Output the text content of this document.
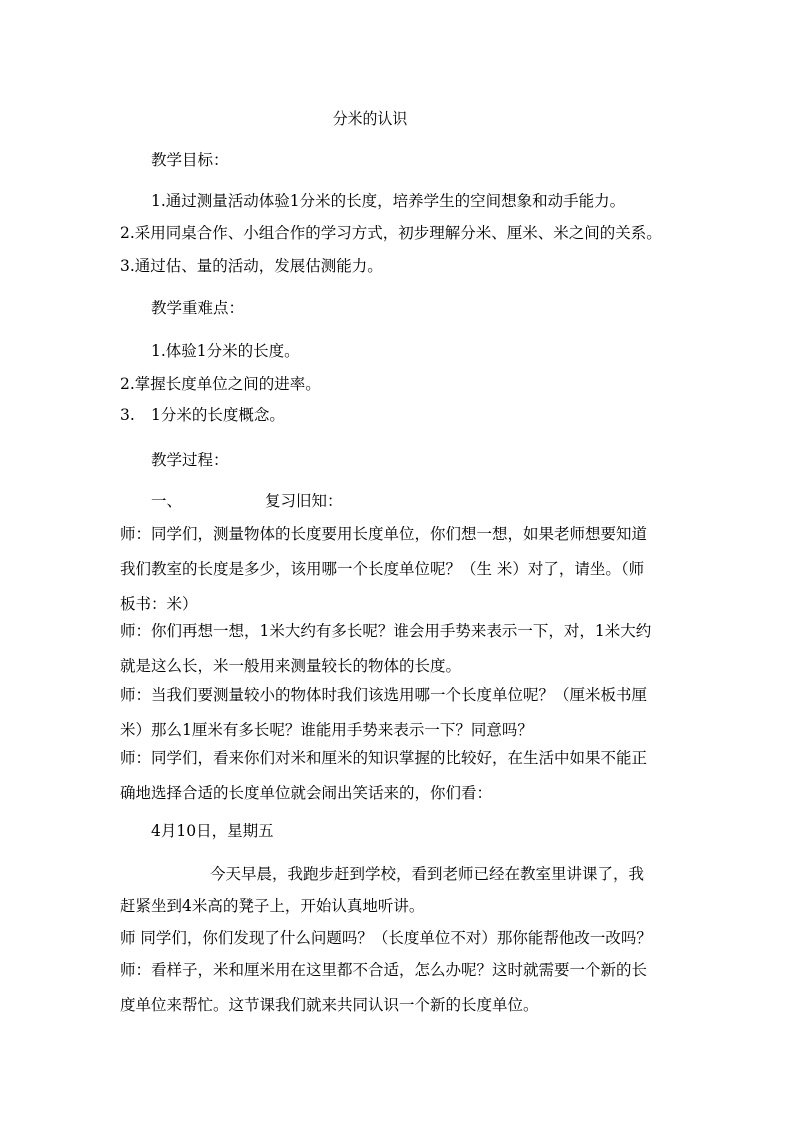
分米的认识

教学目标：

1.通过测量活动体验1分米的长度，培养学生的空间想象和动手能力。

2.采用同桌合作、小组合作的学习方式，初步理解分米、厘米、米之间的关系。

3.通过估、量的活动，发展估测能力。

教学重难点：

1.体验1分米的长度。

2.掌握长度单位之间的进率。

3. 1分米的长度概念。

教学过程：

一、	复习旧知：

师：同学们，测量物体的长度要用长度单位，你们想一想，如果老师想要知道
我们教室的长度是多少，该用哪一个长度单位呢？（生 米）对了，请坐。（师
板书：米）
师：你们再想一想，1米大约有多长呢？谁会用手势来表示一下，对，1米大约
就是这么长，米一般用来测量较长的物体的长度。
师：当我们要测量较小的物体时我们该选用哪一个长度单位呢？（厘米板书厘
米）那么1厘米有多长呢？谁能用手势来表示一下？同意吗？
师：同学们，看来你们对米和厘米的知识掌握的比较好，在生活中如果不能正
确地选择合适的长度单位就会闹出笑话来的，你们看：

4月10日，星期五

今天早晨，我跑步赶到学校，看到老师已经在教室里讲课了，我

赶紧坐到4米高的凳子上，开始认真地听讲。

师 同学们，你们发现了什么问题吗？（长度单位不对）那你能帮他改一改吗？

师：看样子，米和厘米用在这里都不合适，怎么办呢？这时就需要一个新的长
度单位来帮忙。这节课我们就来共同认识一个新的长度单位。
